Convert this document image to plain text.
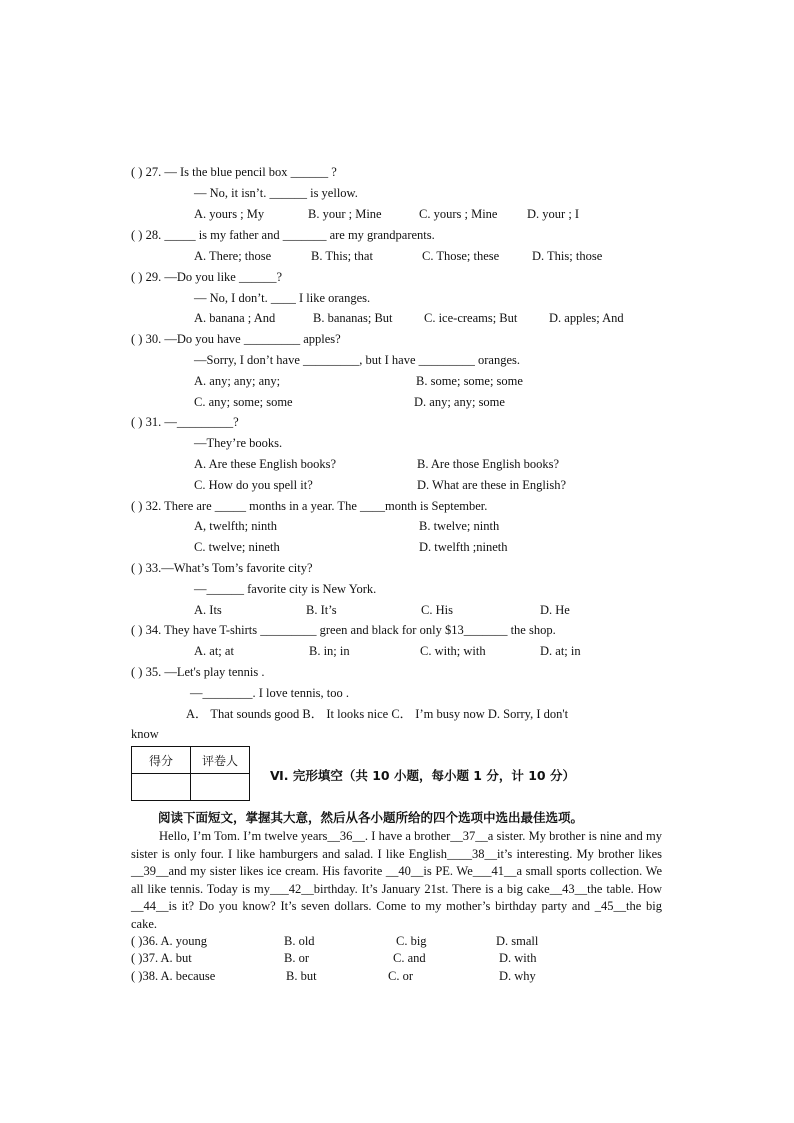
( ) 27. — Is the blue pencil box ______ ?
— No, it isn’t. ______ is yellow.
A. yours ; My	B. your ; Mine	C. yours ; Mine D. your ; I
( ) 28. _____ is my father and _______ are my grandparents.
A. There; those	B. This; that	C. Those; these	D. This; those
( ) 29. —Do you like ______?
— No, I don’t. ____ I like oranges.
A. banana ; And	B. bananas; But	C. ice-creams; But	D. apples; And
( ) 30. —Do you have _________ apples?
—Sorry, I don’t have _________, but I have _________ oranges.
A. any; any; any;	B. some; some; some
C. any; some; some	D. any; any; some
( ) 31. —_________?
—They’re books.
A. Are these English books?	B. Are those English books?
C. How do you spell it?	D. What are these in English?
( ) 32. There are _____ months in a year. The ____month is September.
A, twelfth; ninth	B. twelve; ninth
C. twelve; nineth	D. twelfth ;nineth
( ) 33.—What’s Tom’s favorite city?
—______ favorite city is New York.
A. Its	B. It’s	C. His	D. He
( ) 34. They have T-shirts _________ green and black for only $13_______ the shop.
A. at; at	B. in; in	C. with; with	D. at; in
( ) 35. —Let's play tennis .
—________. I love tennis, too .
A． That sounds good B． It looks nice C． I’m busy now D. Sorry, I don't
know
得分	评卷人

Ⅵ. 完形填空（共 10 小题，每小题 1 分，计 10 分）
阅读下面短文，掌握其大意，然后从各小题所给的四个选项中选出最佳选项。

Hello, I’m Tom. I’m twelve years__36__. I have a brother__37__a sister. My brother is nine and my sister is only four. I like hamburgers and salad. I like English____38__it’s interesting. My brother likes __39__and my sister likes ice cream. His favorite __40__is PE. We___41__a small sports collection. We all like tennis. Today is my___42__birthday. It’s January 21st. There is a big cake__43__the table. How __44__is it? Do you know? It’s seven dollars. Come to my mother’s birthday party and _45__the big cake.

( )36. A. young	B. old	C. big	D. small
( )37. A. but	B. or	C. and	D. with
( )38. A. because	B. but	C. or	D. why
